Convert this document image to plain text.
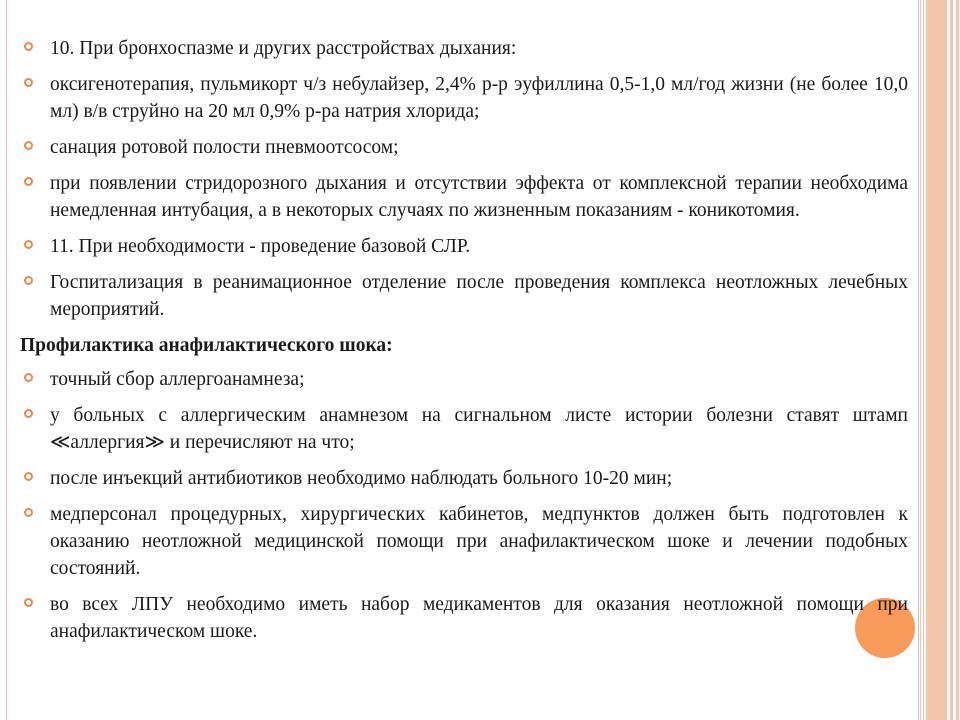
10. При бронхоспазме и других расстройствах дыхания:
оксигенотерапия, пульмикорт ч/з небулайзер, 2,4% р-р эуфиллина 0,5-1,0 мл/год жизни (не более 10,0 мл) в/в струйно на 20 мл 0,9% р-ра натрия хлорида;
санация ротовой полости пневмоотсосом;
при появлении стридорозного дыхания и отсутствии эффекта от комплексной терапии необходима немедленная интубация, а в некоторых случаях по жизненным показаниям - коникотомия.
11. При необходимости - проведение базовой СЛР.
Госпитализация в реанимационное отделение после проведения комплекса неотложных лечебных мероприятий.
Профилактика анафилактического шока:
точный сбор аллергоанамнеза;
у больных с аллергическим анамнезом на сигнальном листе истории болезни ставят штамп ≪аллергия≫ и перечисляют на что;
после инъекций антибиотиков необходимо наблюдать больного 10-20 мин;
медперсонал процедурных, хирургических кабинетов, медпунктов должен быть подготовлен к оказанию неотложной медицинской помощи при анафилактическом шоке и лечении подобных состояний.
во всех ЛПУ необходимо иметь набор медикаментов для оказания неотложной помощи при анафилактическом шоке.
